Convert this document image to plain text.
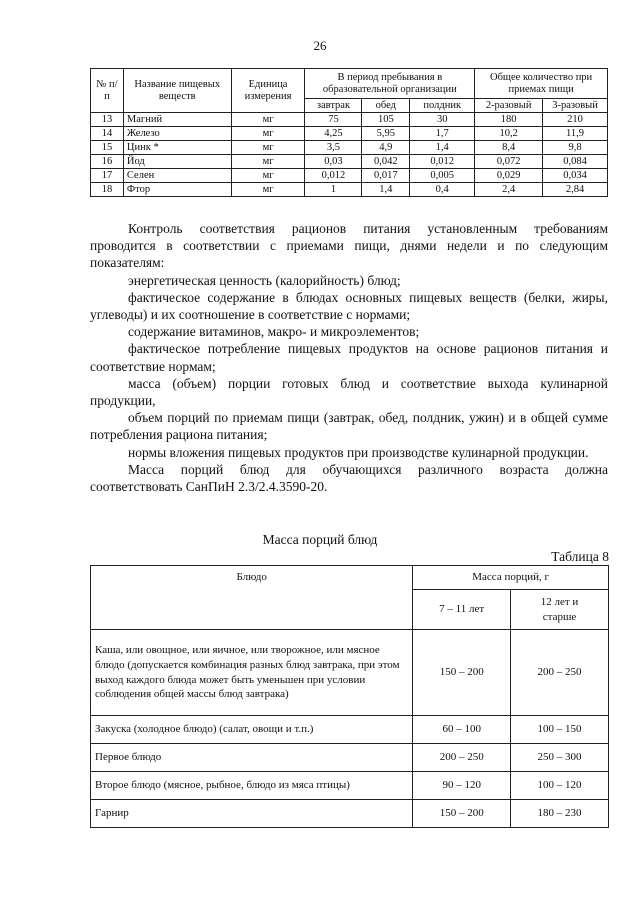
26
№ п/п	Название пищевых веществ	Единица измерения	В период пребывания в образовательной организации			Общее количество при приемах пищи	
			завтрак	обед	полдник	2-разовый	3-разовый
13	Магний	мг	75	105	30	180	210
14	Железо	мг	4,25	5,95	1,7	10,2	11,9
15	Цинк *	мг	3,5	4,9	1,4	8,4	9,8
16	Йод	мг	0,03	0,042	0,012	0,072	0,084
17	Селен	мг	0,012	0,017	0,005	0,029	0,034
18	Фтор	мг	1	1,4	0,4	2,4	2,84

Контроль соответствия рационов питания установленным требованиям проводится в соответствии с приемами пищи, днями недели и по следующим показателям:

энергетическая ценность (калорийность) блюд;

фактическое содержание в блюдах основных пищевых веществ (белки, жиры, углеводы) и их соотношение в соответствие с нормами;

содержание витаминов, макро- и микроэлементов;

фактическое потребление пищевых продуктов на основе рационов питания и соответствие нормам;

масса (объем) порции готовых блюд и соответствие выхода кулинарной продукции,

объем порций по приемам пищи (завтрак, обед, полдник, ужин) и в общей сумме потребления рациона питания;

нормы вложения пищевых продуктов при производстве кулинарной продукции.

Масса порций блюд для обучающихся различного возраста должна соответствовать СанПиН 2.3/2.4.3590-20.

Масса порций блюд
Таблица 8
Блюдо	Масса порций, г	
	7 – 11 лет	12 лет и старше
Каша, или овощное, или яичное, или творожное, или мясное блюдо (допускается комбинация разных блюд завтрака, при этом выход каждого блюда может быть уменьшен при условии соблюдения общей массы блюд завтрака)	150 – 200	200 – 250
Закуска (холодное блюдо) (салат, овощи и т.п.)	60 – 100	100 – 150
Первое блюдо	200 – 250	250 – 300
Второе блюдо (мясное, рыбное, блюдо из мяса птицы)	90 – 120	100 – 120
Гарнир	150 – 200	180 – 230
